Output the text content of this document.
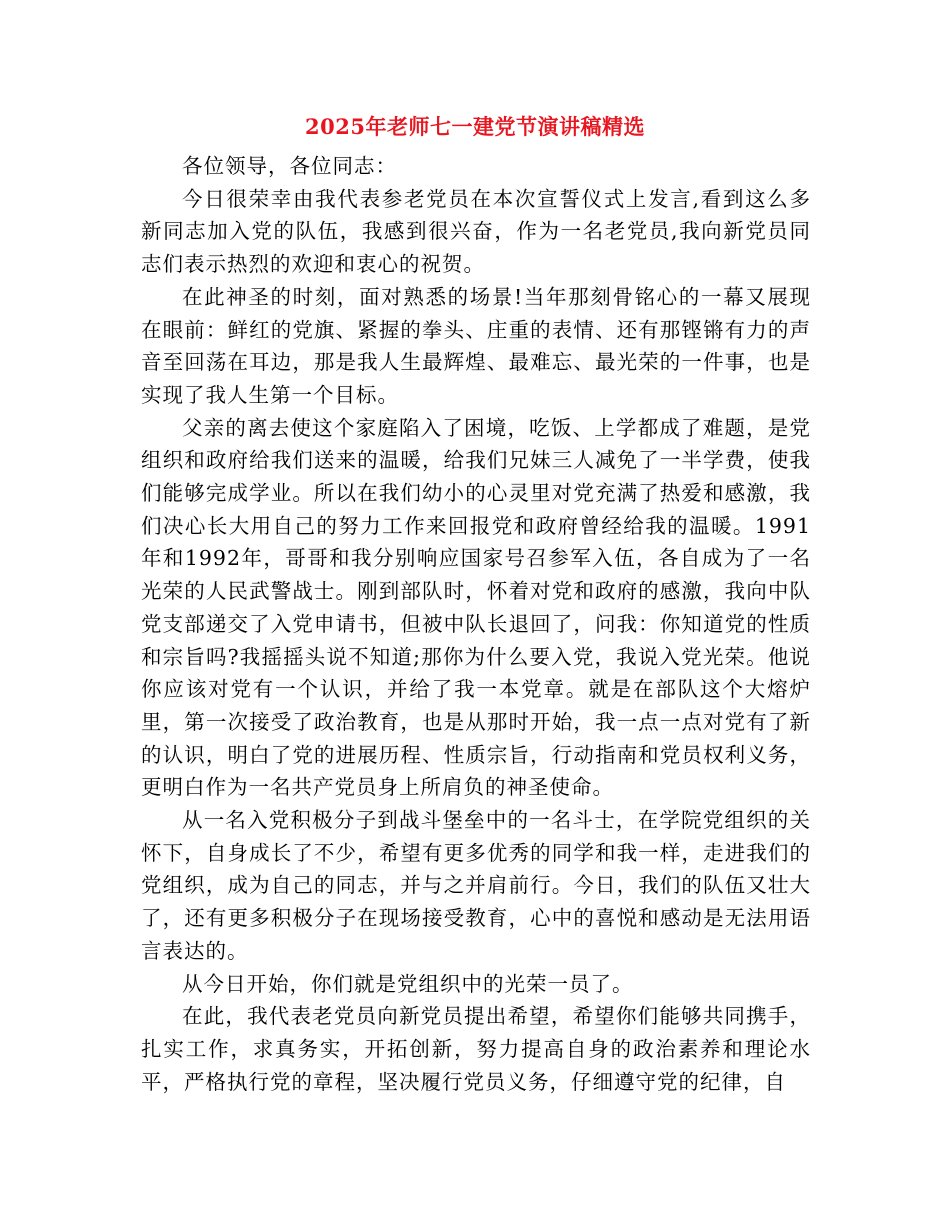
2025年老师七一建党节演讲稿精选

各位领导，各位同志：

今日很荣幸由我代表参老党员在本次宣誓仪式上发言,看到这么多新同志加入党的队伍，我感到很兴奋，作为一名老党员,我向新党员同志们表示热烈的欢迎和衷心的祝贺。

在此神圣的时刻，面对熟悉的场景!当年那刻骨铭心的一幕又展现在眼前：鲜红的党旗、紧握的拳头、庄重的表情、还有那铿锵有力的声音至回荡在耳边，那是我人生最辉煌、最难忘、最光荣的一件事，也是实现了我人生第一个目标。

父亲的离去使这个家庭陷入了困境，吃饭、上学都成了难题，是党组织和政府给我们送来的温暖，给我们兄妹三人减免了一半学费，使我们能够完成学业。所以在我们幼小的心灵里对党充满了热爱和感激，我们决心长大用自己的努力工作来回报党和政府曾经给我的温暖。1991年和1992年，哥哥和我分别响应国家号召参军入伍，各自成为了一名光荣的人民武警战士。刚到部队时，怀着对党和政府的感激，我向中队党支部递交了入党申请书，但被中队长退回了，问我：你知道党的性质和宗旨吗?我摇摇头说不知道;那你为什么要入党，我说入党光荣。他说你应该对党有一个认识，并给了我一本党章。就是在部队这个大熔炉里，第一次接受了政治教育，也是从那时开始，我一点一点对党有了新的认识，明白了党的进展历程、性质宗旨，行动指南和党员权利义务，更明白作为一名共产党员身上所肩负的神圣使命。

从一名入党积极分子到战斗堡垒中的一名斗士，在学院党组织的关怀下，自身成长了不少，希望有更多优秀的同学和我一样，走进我们的党组织，成为自己的同志，并与之并肩前行。今日，我们的队伍又壮大了，还有更多积极分子在现场接受教育，心中的喜悦和感动是无法用语言表达的。

从今日开始，你们就是党组织中的光荣一员了。

在此，我代表老党员向新党员提出希望，希望你们能够共同携手，扎实工作，求真务实，开拓创新，努力提高自身的政治素养和理论水平，严格执行党的章程，坚决履行党员义务，仔细遵守党的纪律，自
